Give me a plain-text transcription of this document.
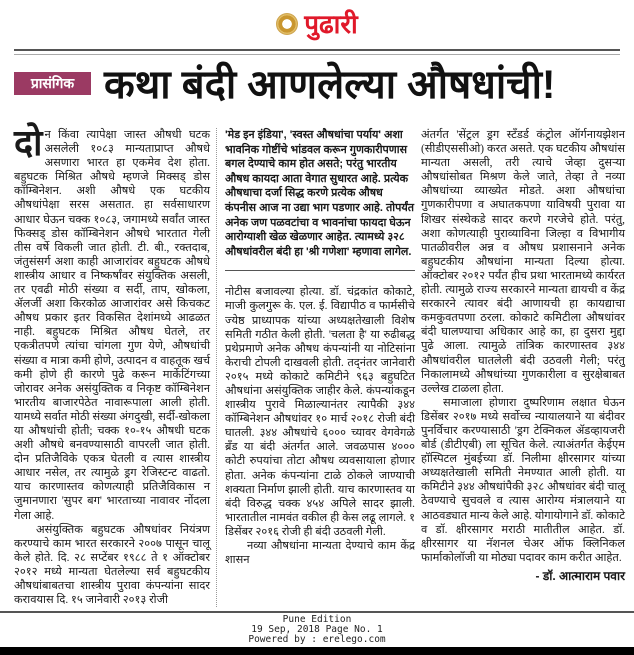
पुढारी
प्रासंगिक कथा बंदी आणलेल्या औषधांची!

दोन किंवा त्यापेक्षा जास्त औषधी घटक असलेली १०८३ मान्यताप्राप्त औषधे असणारा भारत हा एकमेव देश होता. बहुघटक मिश्रित औषधे म्हणजे मिक्सड् डोस कॉम्बिनेशन. अशी औषधे एक घटकीय औषधांपेक्षा सरस असतात. हा सर्वसाधारण आधार घेऊन चक्क १०८३, जगामध्ये सर्वांत जास्त फिक्सड् डोस कॉम्बिनेशन औषधे भारतात गेली तीस वर्षे विकली जात होती. टी. बी., रक्तदाब, जंतुसंसर्ग अशा काही आजारांवर बहुघटक औषधे शास्त्रीय आधार व निष्कर्षांवर संयुक्तिक असली, तर एवढी मोठी संख्या व सर्दी, ताप, खोकला, ॲलर्जी अशा किरकोळ आजारांवर असे किचकट औषध प्रकार इतर विकसित देशांमध्ये आढळत नाही. बहुघटक मिश्रित औषध घेतले, तर एकत्रीतपणे त्यांचा चांगला गुण येणे, औषधांची संख्या व मात्रा कमी होणे, उत्पादन व वाहतूक खर्च कमी होणे ही कारणे पुढे करून मार्केटिंगच्या जोरावर अनेक असंयुक्तिक व निकृष्ट कॉम्बिनेशन भारतीय बाजारपेठेत नावारूपाला आली होती. यामध्ये सर्वात मोठी संख्या अंगदुखी, सर्दी-खोकला या औषधांची होती; चक्क १०-१५ औषधी घटक अशी औषधे बनवण्यासाठी वापरली जात होती. दोन प्रतिजैविके एकत्र घेतली व त्यास शास्त्रीय आधार नसेल, तर त्यामुळे ड्रग रेजिस्टन्ट वाढतो. याच कारणास्तव कोणत्याही प्रतिजैविकास न जुमानणारा 'सुपर बग' भारताच्या नावावर नोंदला गेला आहे.

असंयुक्तिक बहुघटक औषधांवर नियंत्रण करण्याचे काम भारत सरकारने २००७ पासून चालू केले होते. दि. २८ सप्टेंबर १९८८ ते १ ऑक्टोबर २०१२ मध्ये मान्यता घेतलेल्या सर्व बहुघटकीय औषधांबाबतचा शास्त्रीय पुरावा कंपन्यांना सादर करावयास दि. १५ जानेवारी २०१३ रोजी

'मेड इन इंडिया', 'स्वस्त औषधांचा पर्याय' अशा भावनिक गोष्टींचे भांडवल करून गुणकारीपणास बगल देण्याचे काम होत असते; परंतु भारतीय औषध कायदा आता वेगात सुधारत आहे. प्रत्येक औषधाचा दर्जा सिद्ध करणे प्रत्येक औषध कंपनीस आज ना उद्या भाग पडणार आहे. तोपर्यंत अनेक जण पळवटांचा व भावनांचा फायदा घेऊन आरोग्याशी खेळ खेळणार आहेत. त्यामध्ये ३२८ औषधांवरील बंदी हा 'श्री गणेशा' म्हणावा लागेल.

नोटीस बजावल्या होत्या. डॉ. चंद्रकांत कोकाटे, माजी कुलगुरू के. एल. ई. विद्यापीठ व फार्मसीचे ज्येष्ठ प्राध्यापक यांच्या अध्यक्षतेखाली विशेष समिती गठीत केली होती. 'चलता है' या रुढीबद्ध प्रथेप्रमाणे अनेक औषध कंपन्यांनी या नोटिसांना केराची टोपली दाखवली होती. तद्नंतर जानेवारी २०१५ मध्ये कोकाटे कमिटीने ९६३ बहुघटित औषधांना असंयुक्तिक जाहीर केले. कंपन्यांकडून शास्त्रीय पुरावे मिळाल्यानंतर त्यापैकी ३४४ कॉम्बिनेशन औषधांवर १० मार्च २०१८ रोजी बंदी घातली. ३४४ औषधांचे ६००० च्यावर वेगवेगळे ब्रँड या बंदी अंतर्गत आले. जवळपास ४००० कोटी रुपयांचा तोटा औषध व्यवसायाला होणार होता. अनेक कंपन्यांना टाळे ठोकले जाण्याची शक्यता निर्माण झाली होती. याच कारणास्तव या बंदी विरुद्ध चक्क ४५४ अपिले सादर झाली. भारतातील नामवंत वकील ही केस लढू लागले. १ डिसेंबर २०१६ रोजी ही बंदी उठवली गेली.

नव्या औषधांना मान्यता देण्याचे काम केंद्र शासन

अंतर्गत 'सेंट्रल ड्रग स्टँडर्ड कंट्रोल ऑर्गनायझेशन (सीडीएससीओ) करत असते. एक घटकीय औषधांस मान्यता असली, तरी त्याचे जेव्हा दुसऱ्या औषधांसोबत मिश्रण केले जाते, तेव्हा ते नव्या औषधांच्या व्याख्येत मोडते. अशा औषधांचा गुणकारीपणा व अघातकपणा याविषयी पुरावा या शिखर संस्थेकडे सादर करणे गरजेचे होते. परंतु, अशा कोणत्याही पुराव्याविना जिल्हा व विभागीय पातळीवरील अन्न व औषध प्रशासनाने अनेक बहुघटकीय औषधांना मान्यता दिल्या होत्या. ऑक्टोबर २०१२ पर्यंत हीच प्रथा भारतामध्ये कार्यरत होती. त्यामुळे राज्य सरकारने मान्यता द्यायची व केंद्र सरकारने त्यावर बंदी आणायची हा कायद्याचा कमकुवतपणा ठरला. कोकाटे कमिटीला औषधांवर बंदी घालण्याचा अधिकार आहे का, हा दुसरा मुद्दा पुढे आला. त्यामुळे तांत्रिक कारणास्तव ३४४ औषधांवरील घातलेली बंदी उठवली गेली; परंतु निकालामध्ये औषधांच्या गुणकारीला व सुरक्षेबाबत उल्लेख टाळला होता.

समाजाला होणारा दुष्परिणाम लक्षात घेऊन डिसेंबर २०१७ मध्ये सर्वोच्च न्यायालयाने या बंदीवर पुनर्विचार करण्यासाठी 'ड्रग टेक्निकल ॲडव्हायजरी बोर्ड (डीटीएबी) ला सूचित केले. त्याअंतर्गत केईएम हॉस्पिटल मुंबईच्या डॉ. निलीमा क्षीरसागर यांच्या अध्यक्षतेखाली समिती नेमण्यात आली होती. या कमिटीने ३४४ औषधांपैकी ३२८ औषधांवर बंदी चालू ठेवण्याचे सुचवले व त्यास आरोग्य मंत्रालयाने या आठवड्यात मान्य केले आहे. योगायोगाने डॉ. कोकाटे व डॉ. क्षीरसागर मराठी मातीतील आहेत. डॉ. क्षीरसागर या नॅशनल चेअर ऑफ क्लिनिकल फार्माकोलॉजी या मोठ्या पदावर काम करीत आहेत.

- डॉ. आत्माराम पवार
Pune Edition
19 Sep, 2018 Page No. 1
Powered by : erelego.com
